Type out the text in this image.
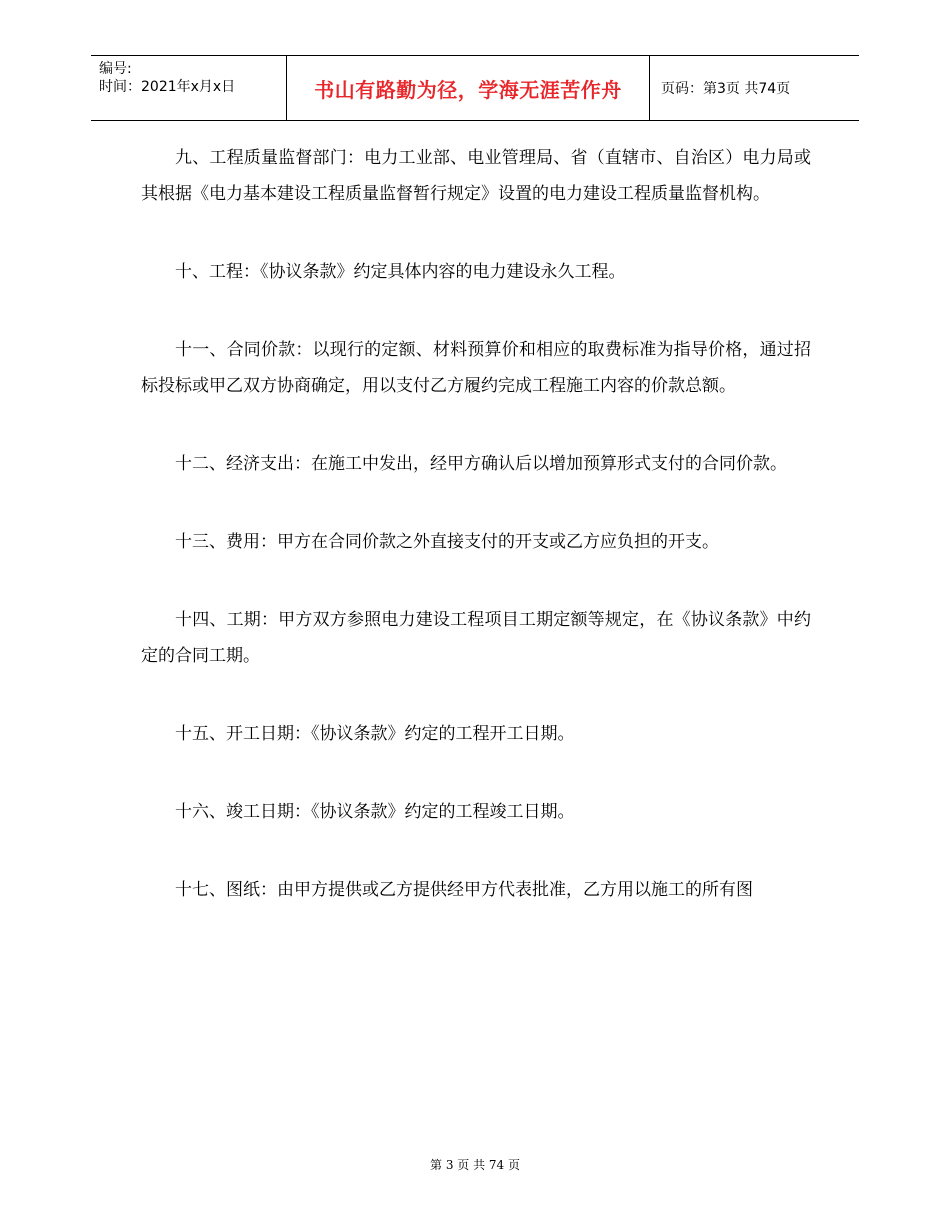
编号:
时间：2021年x月x日	书山有路勤为径，学海无涯苦作舟	页码：第3页 共74页

九、工程质量监督部门：电力工业部、电业管理局、省（直辖市、自治区）电力局或其根据《电力基本建设工程质量监督暂行规定》设置的电力建设工程质量监督机构。

十、工程：《协议条款》约定具体内容的电力建设永久工程。

十一、合同价款：以现行的定额、材料预算价和相应的取费标准为指导价格，通过招标投标或甲乙双方协商确定，用以支付乙方履约完成工程施工内容的价款总额。

十二、经济支出：在施工中发出，经甲方确认后以增加预算形式支付的合同价款。

十三、费用：甲方在合同价款之外直接支付的开支或乙方应负担的开支。

十四、工期：甲方双方参照电力建设工程项目工期定额等规定，在《协议条款》中约定的合同工期。

十五、开工日期：《协议条款》约定的工程开工日期。

十六、竣工日期：《协议条款》约定的工程竣工日期。

十七、图纸：由甲方提供或乙方提供经甲方代表批准，乙方用以施工的所有图

第 3 页 共 74 页
